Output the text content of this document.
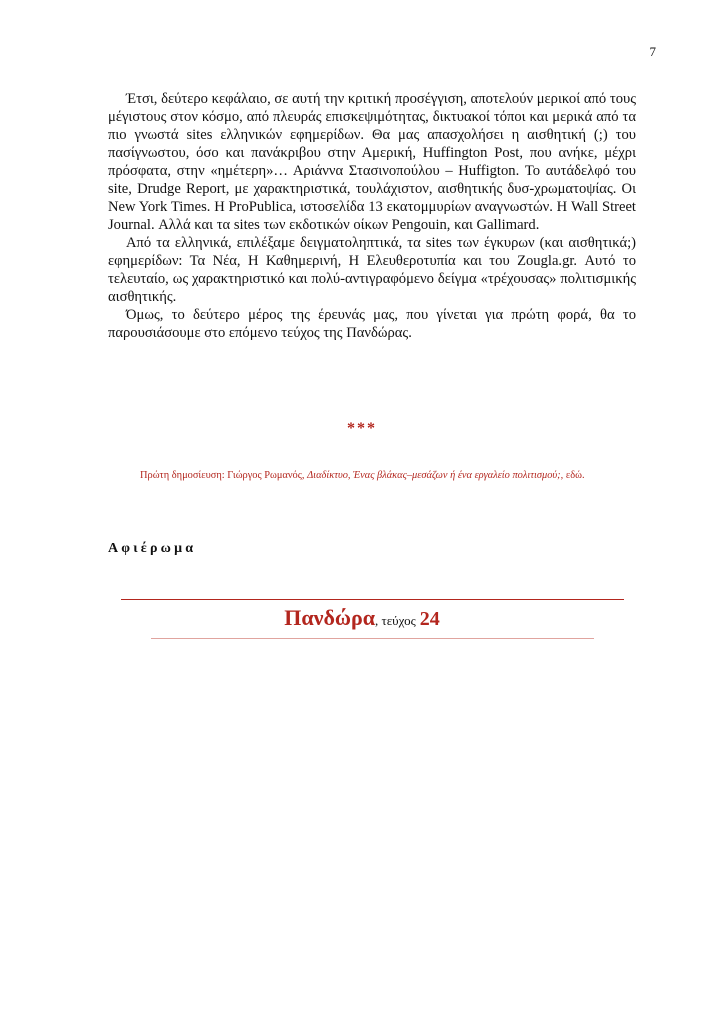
7

Έτσι, δεύτερο κεφάλαιο, σε αυτή την κριτική προσέγγιση, αποτελούν μερικοί από τους μέγιστους στον κόσμο, από πλευράς επισκεψιμότητας, δικτυακοί τόποι και μερικά από τα πιο γνωστά sites ελληνικών εφημερίδων. Θα μας απασχολήσει η αισθητική (;) του πασίγνωστου, όσο και πανάκριβου στην Αμερική, Huffington Post, που ανήκε, μέχρι πρόσφατα, στην «ημέτερη»… Αριάννα Στασινοπούλου – Huffigton. Το αυτάδελφό του site, Drudge Report, με χαρακτηριστικά, τουλάχιστον, αισθητικής δυσ-χρωματοψίας. Οι New York Times. Η ProPublica, ιστοσελίδα 13 εκατομμυρίων αναγνωστών. Η Wall Street Journal. Αλλά και τα sites των εκδοτικών οίκων Pengouin, και Gallimard.

Από τα ελληνικά, επιλέξαμε δειγματοληπτικά, τα sites των έγκυρων (και αισθητικά;) εφημερίδων: Τα Νέα, Η Καθημερινή, Η Ελευθεροτυπία και του Zougla.gr. Αυτό το τελευταίο, ως χαρακτηριστικό και πολύ-αντιγραφόμενο δείγμα «τρέχουσας» πολιτισμικής αισθητικής.

Όμως, το δεύτερο μέρος της έρευνάς μας, που γίνεται για πρώτη φορά, θα το παρουσιάσουμε στο επόμενο τεύχος της Πανδώρας.

***
Πρώτη δημοσίευση: Γιώργος Ρωμανός, Διαδίκτυο, Ένας βλάκας–μεσάζων ή ένα εργαλείο πολιτισμού;, εδώ.
Αφιέρωμα
Πανδώρα, τεύχος 24
